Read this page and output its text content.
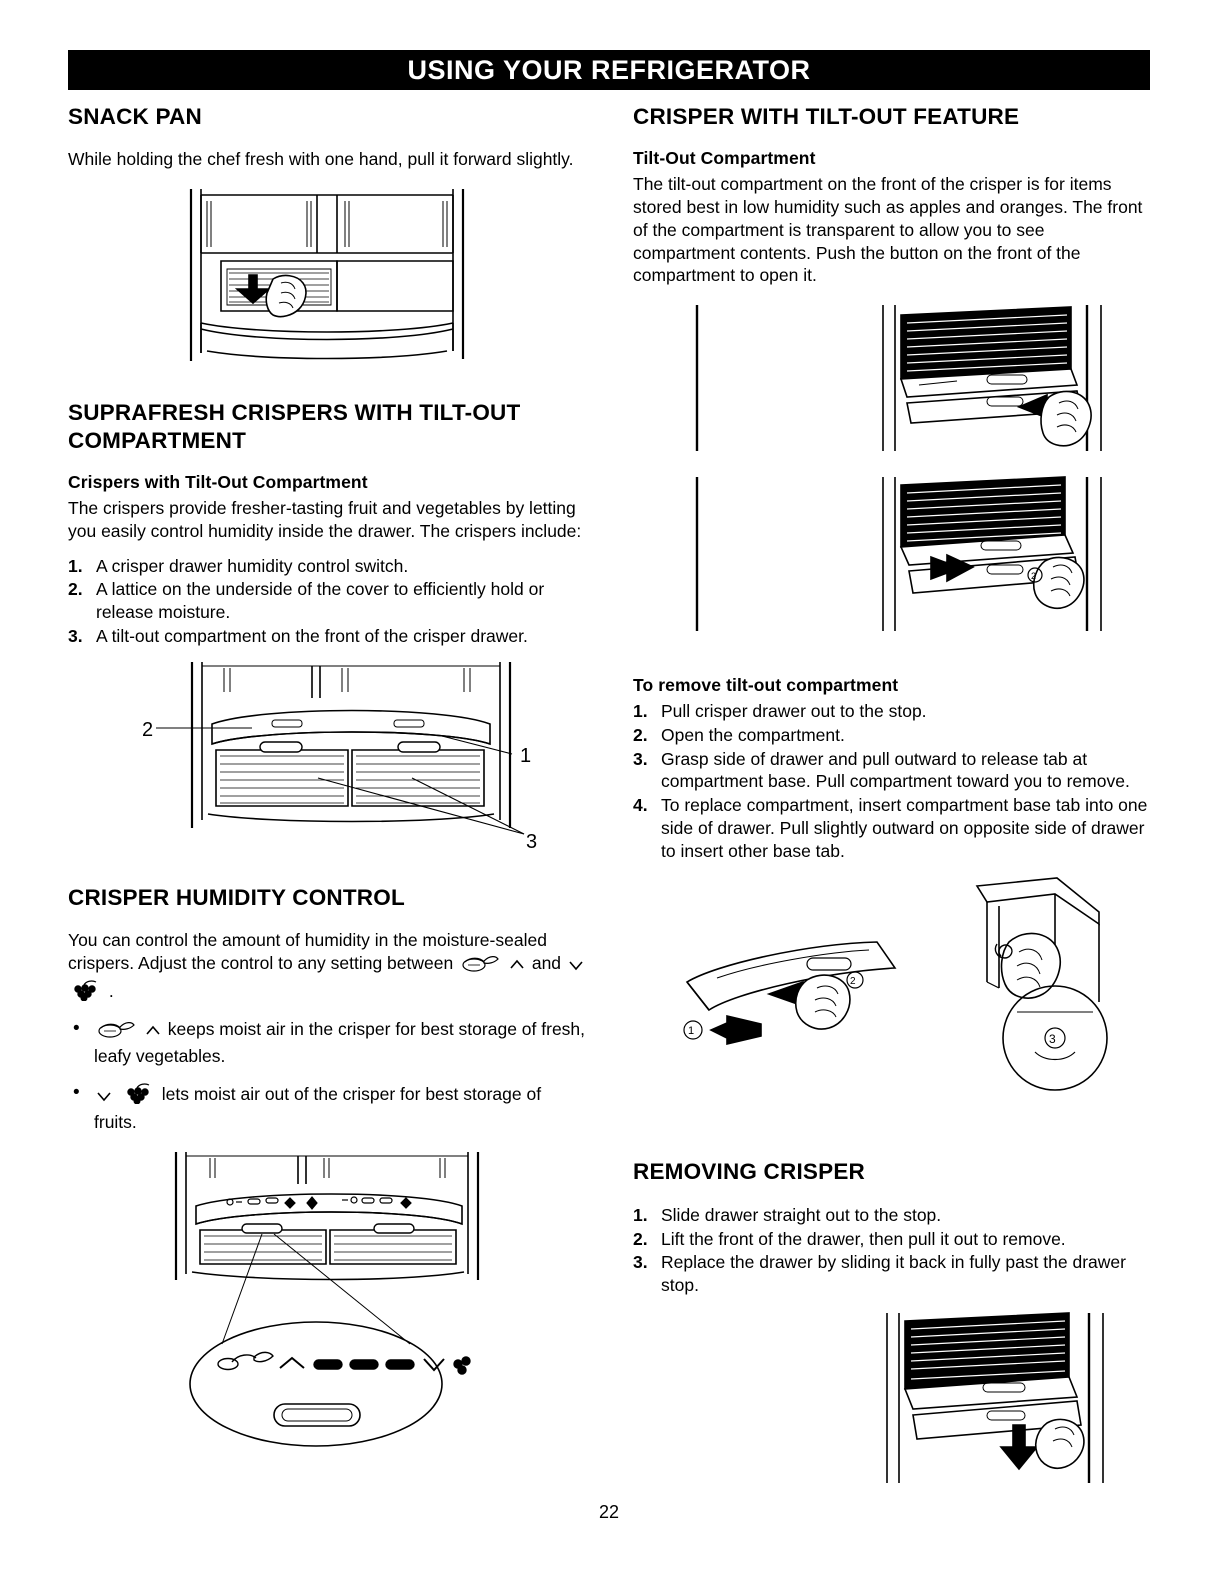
USING YOUR REFRIGERATOR
SNACK PAN

While holding the chef fresh with one hand, pull it forward slightly.

SUPRAFRESH CRISPERS WITH TILT-OUT COMPARTMENT
Crispers with Tilt-Out Compartment

The crispers provide fresher-tasting fruit and vegetables by letting you easily control humidity inside the drawer. The crispers include:

1. A crisper drawer humidity control switch.
2. A lattice on the underside of the cover to efficiently hold or release moisture.
3. A tilt-out compartment on the front of the crisper drawer.
2
1
3
CRISPER HUMIDITY CONTROL

You can control the amount of humidity in the moisture-sealed crispers. Adjust the control to any setting between	and   .

•	keeps moist air in the crisper for best storage of fresh, leafy vegetables.
•	lets moist air out of the crisper for best storage of fruits.
CRISPER WITH TILT-OUT FEATURE
Tilt-Out Compartment

The tilt-out compartment on the front of the crisper is for items stored best in low humidity such as apples and oranges. The front of the compartment is transparent to allow you to see compartment contents. Push the button on the front of the compartment to open it.

2
To remove tilt-out compartment
1. Pull crisper drawer out to the stop.
2. Open the compartment.
3. Grasp side of drawer and pull outward to release tab at compartment base. Pull compartment toward you to remove.
4. To replace compartment, insert compartment base tab into one side of drawer. Pull slightly outward on opposite side of drawer to insert other base tab.
2
1
3
REMOVING CRISPER
1. Slide drawer straight out to the stop.
2. Lift the front of the drawer, then pull it out to remove.
3. Replace the drawer by sliding it back in fully past the drawer stop.
22
